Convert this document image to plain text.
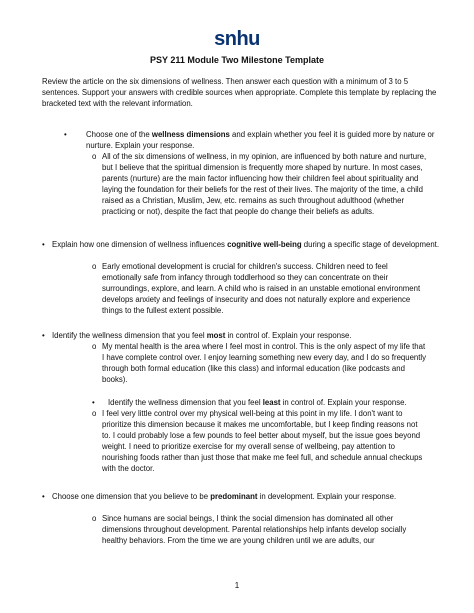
snhu
PSY 211 Module Two Milestone Template
Review the article on the six dimensions of wellness. Then answer each question with a minimum of 3 to 5 sentences. Support your answers with credible sources when appropriate. Complete this template by replacing the bracketed text with the relevant information.
• Choose one of the wellness dimensions and explain whether you feel it is guided more by nature or nurture. Explain your response.
o All of the six dimensions of wellness, in my opinion, are influenced by both nature and nurture, but I believe that the spiritual dimension is frequently more shaped by nurture. In most cases, parents (nurture) are the main factor influencing how their children feel about spirituality and laying the foundation for their beliefs for the rest of their lives. The majority of the time, a child raised as a Christian, Muslim, Jew, etc. remains as such throughout adulthood (whether practicing or not), despite the fact that people do change their beliefs as adults.
• Explain how one dimension of wellness influences cognitive well-being during a specific stage of development.
o Early emotional development is crucial for children's success. Children need to feel emotionally safe from infancy through toddlerhood so they can concentrate on their surroundings, explore, and learn. A child who is raised in an unstable emotional environment develops anxiety and feelings of insecurity and does not naturally explore and experience things to the fullest extent possible.
• Identify the wellness dimension that you feel most in control of. Explain your response.
o My mental health is the area where I feel most in control. This is the only aspect of my life that I have complete control over. I enjoy learning something new every day, and I do so frequently through both formal education (like this class) and informal education (like podcasts and books).
• Identify the wellness dimension that you feel least in control of. Explain your response.
o I feel very little control over my physical well-being at this point in my life. I don't want to prioritize this dimension because it makes me uncomfortable, but I keep finding reasons not to. I could probably lose a few pounds to feel better about myself, but the issue goes beyond weight. I need to prioritize exercise for my overall sense of wellbeing, pay attention to nourishing foods rather than just those that make me feel full, and schedule annual checkups with the doctor.
• Choose one dimension that you believe to be predominant in development. Explain your response.
o Since humans are social beings, I think the social dimension has dominated all other dimensions throughout development. Parental relationships help infants develop socially healthy behaviors. From the time we are young children until we are adults, our
1
